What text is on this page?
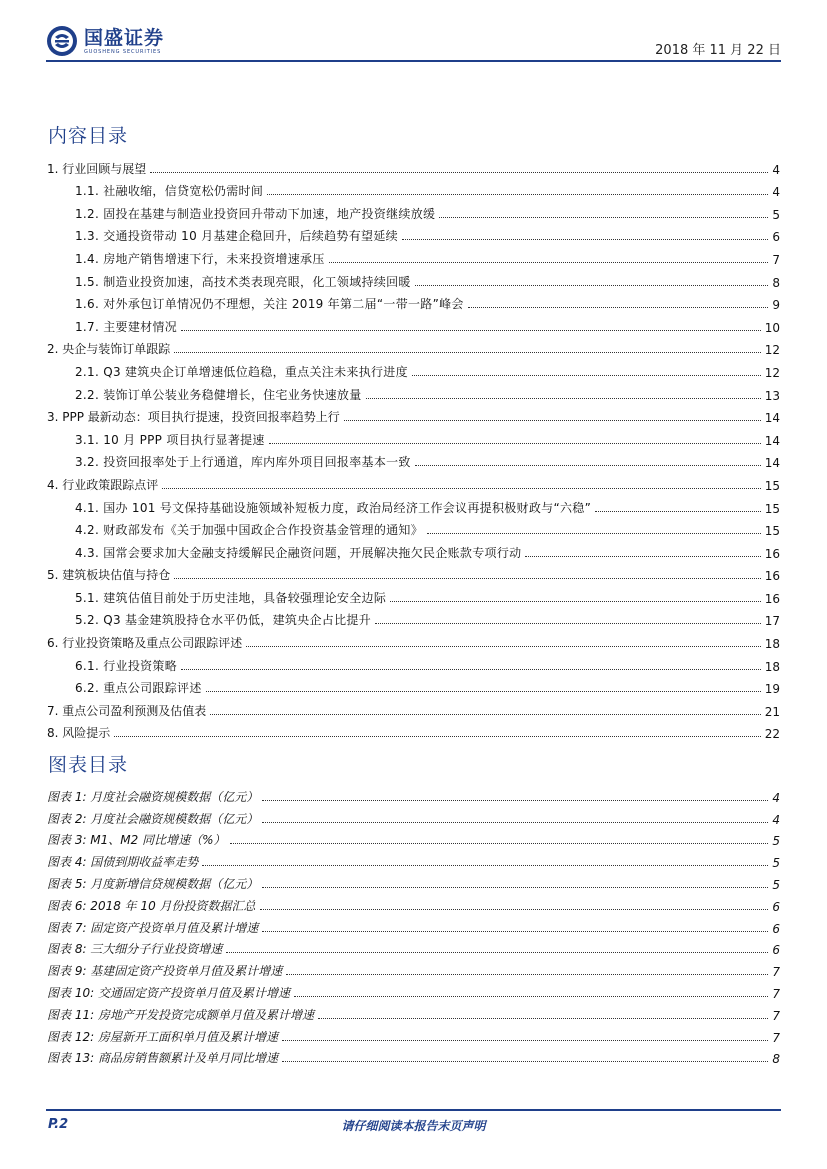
国盛证券
GUOSHENG SECURITIES	2018 年 11 月 22 日
内容目录
1. 行业回顾与展望	4
1.1. 社融收缩，信贷宽松仍需时间	4
1.2. 固投在基建与制造业投资回升带动下加速，地产投资继续放缓	5
1.3. 交通投资带动 10 月基建企稳回升，后续趋势有望延续	6
1.4. 房地产销售增速下行，未来投资增速承压	7
1.5. 制造业投资加速，高技术类表现亮眼，化工领域持续回暖	8
1.6. 对外承包订单情况仍不理想，关注 2019 年第二届“一带一路”峰会	9
1.7. 主要建材情况	10
2. 央企与装饰订单跟踪	12
2.1. Q3 建筑央企订单增速低位趋稳，重点关注未来执行进度	12
2.2. 装饰订单公装业务稳健增长，住宅业务快速放量	13
3. PPP 最新动态：项目执行提速，投资回报率趋势上行	14
3.1. 10 月 PPP 项目执行显著提速	14
3.2. 投资回报率处于上行通道，库内库外项目回报率基本一致	14
4. 行业政策跟踪点评	15
4.1. 国办 101 号文保持基础设施领域补短板力度，政治局经济工作会议再提积极财政与“六稳”	15
4.2. 财政部发布《关于加强中国政企合作投资基金管理的通知》	15
4.3. 国常会要求加大金融支持缓解民企融资问题，开展解决拖欠民企账款专项行动	16
5. 建筑板块估值与持仓	16
5.1. 建筑估值目前处于历史洼地，具备较强理论安全边际	16
5.2. Q3 基金建筑股持仓水平仍低，建筑央企占比提升	17
6. 行业投资策略及重点公司跟踪评述	18
6.1. 行业投资策略	18
6.2. 重点公司跟踪评述	19
7. 重点公司盈利预测及估值表	21
8. 风险提示	22
图表目录
图表 1: 月度社会融资规模数据（亿元）	4
图表 2: 月度社会融资规模数据（亿元）	4
图表 3: M1、M2 同比增速（%）	5
图表 4: 国债到期收益率走势	5
图表 5: 月度新增信贷规模数据（亿元）	5
图表 6: 2018 年 10 月份投资数据汇总	6
图表 7: 固定资产投资单月值及累计增速	6
图表 8: 三大细分子行业投资增速	6
图表 9: 基建固定资产投资单月值及累计增速	7
图表 10: 交通固定资产投资单月值及累计增速	7
图表 11: 房地产开发投资完成额单月值及累计增速	7
图表 12: 房屋新开工面积单月值及累计增速	7
图表 13: 商品房销售额累计及单月同比增速	8
P.2	请仔细阅读本报告末页声明
